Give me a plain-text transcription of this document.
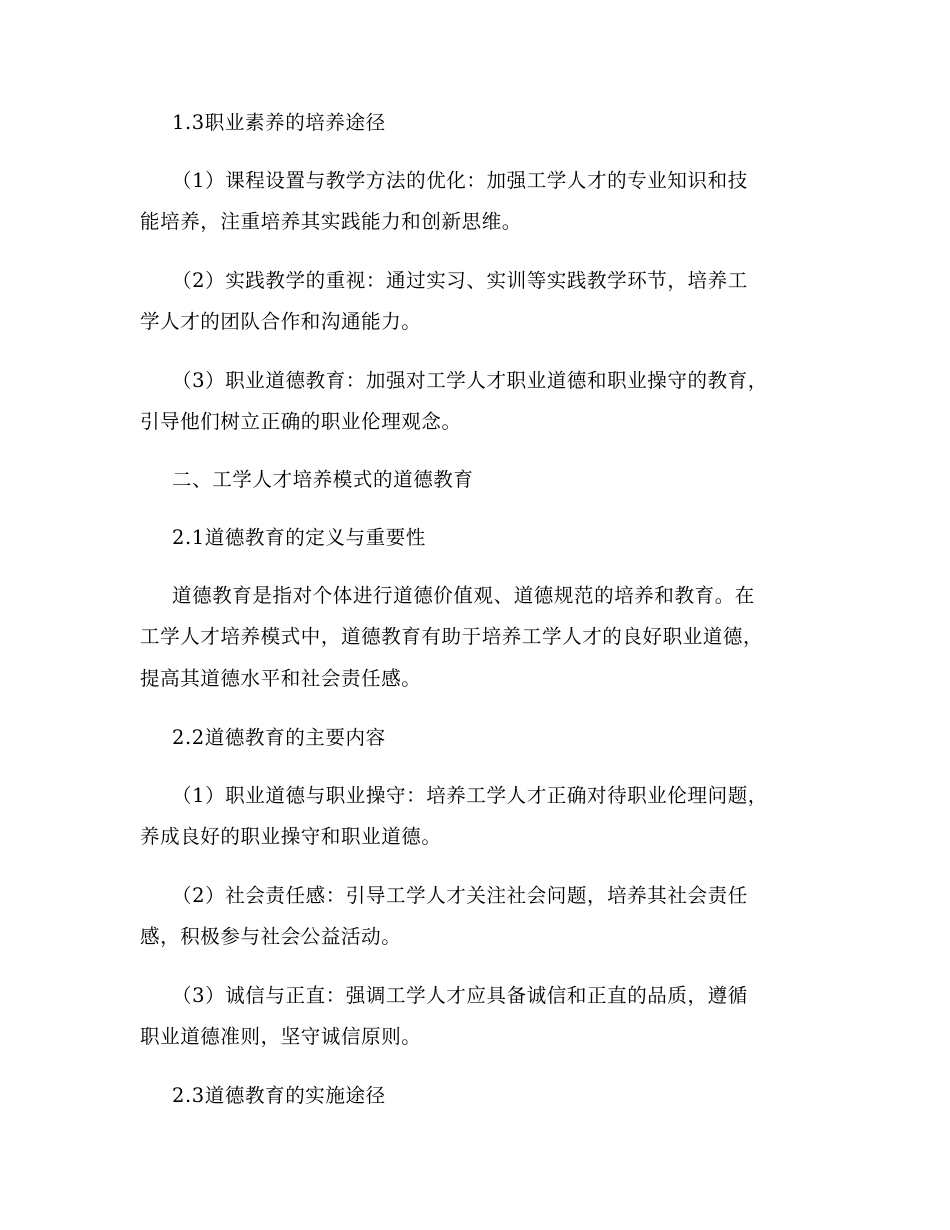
1.3职业素养的培养途径

（1）课程设置与教学方法的优化：加强工学人才的专业知识和技

能培养，注重培养其实践能力和创新思维。

（2）实践教学的重视：通过实习、实训等实践教学环节，培养工

学人才的团队合作和沟通能力。

（3）职业道德教育：加强对工学人才职业道德和职业操守的教育，

引导他们树立正确的职业伦理观念。

二、工学人才培养模式的道德教育

2.1道德教育的定义与重要性

道德教育是指对个体进行道德价值观、道德规范的培养和教育。在

工学人才培养模式中，道德教育有助于培养工学人才的良好职业道德，

提高其道德水平和社会责任感。

2.2道德教育的主要内容

（1）职业道德与职业操守：培养工学人才正确对待职业伦理问题，

养成良好的职业操守和职业道德。

（2）社会责任感：引导工学人才关注社会问题，培养其社会责任

感，积极参与社会公益活动。

（3）诚信与正直：强调工学人才应具备诚信和正直的品质，遵循

职业道德准则，坚守诚信原则。

2.3道德教育的实施途径
